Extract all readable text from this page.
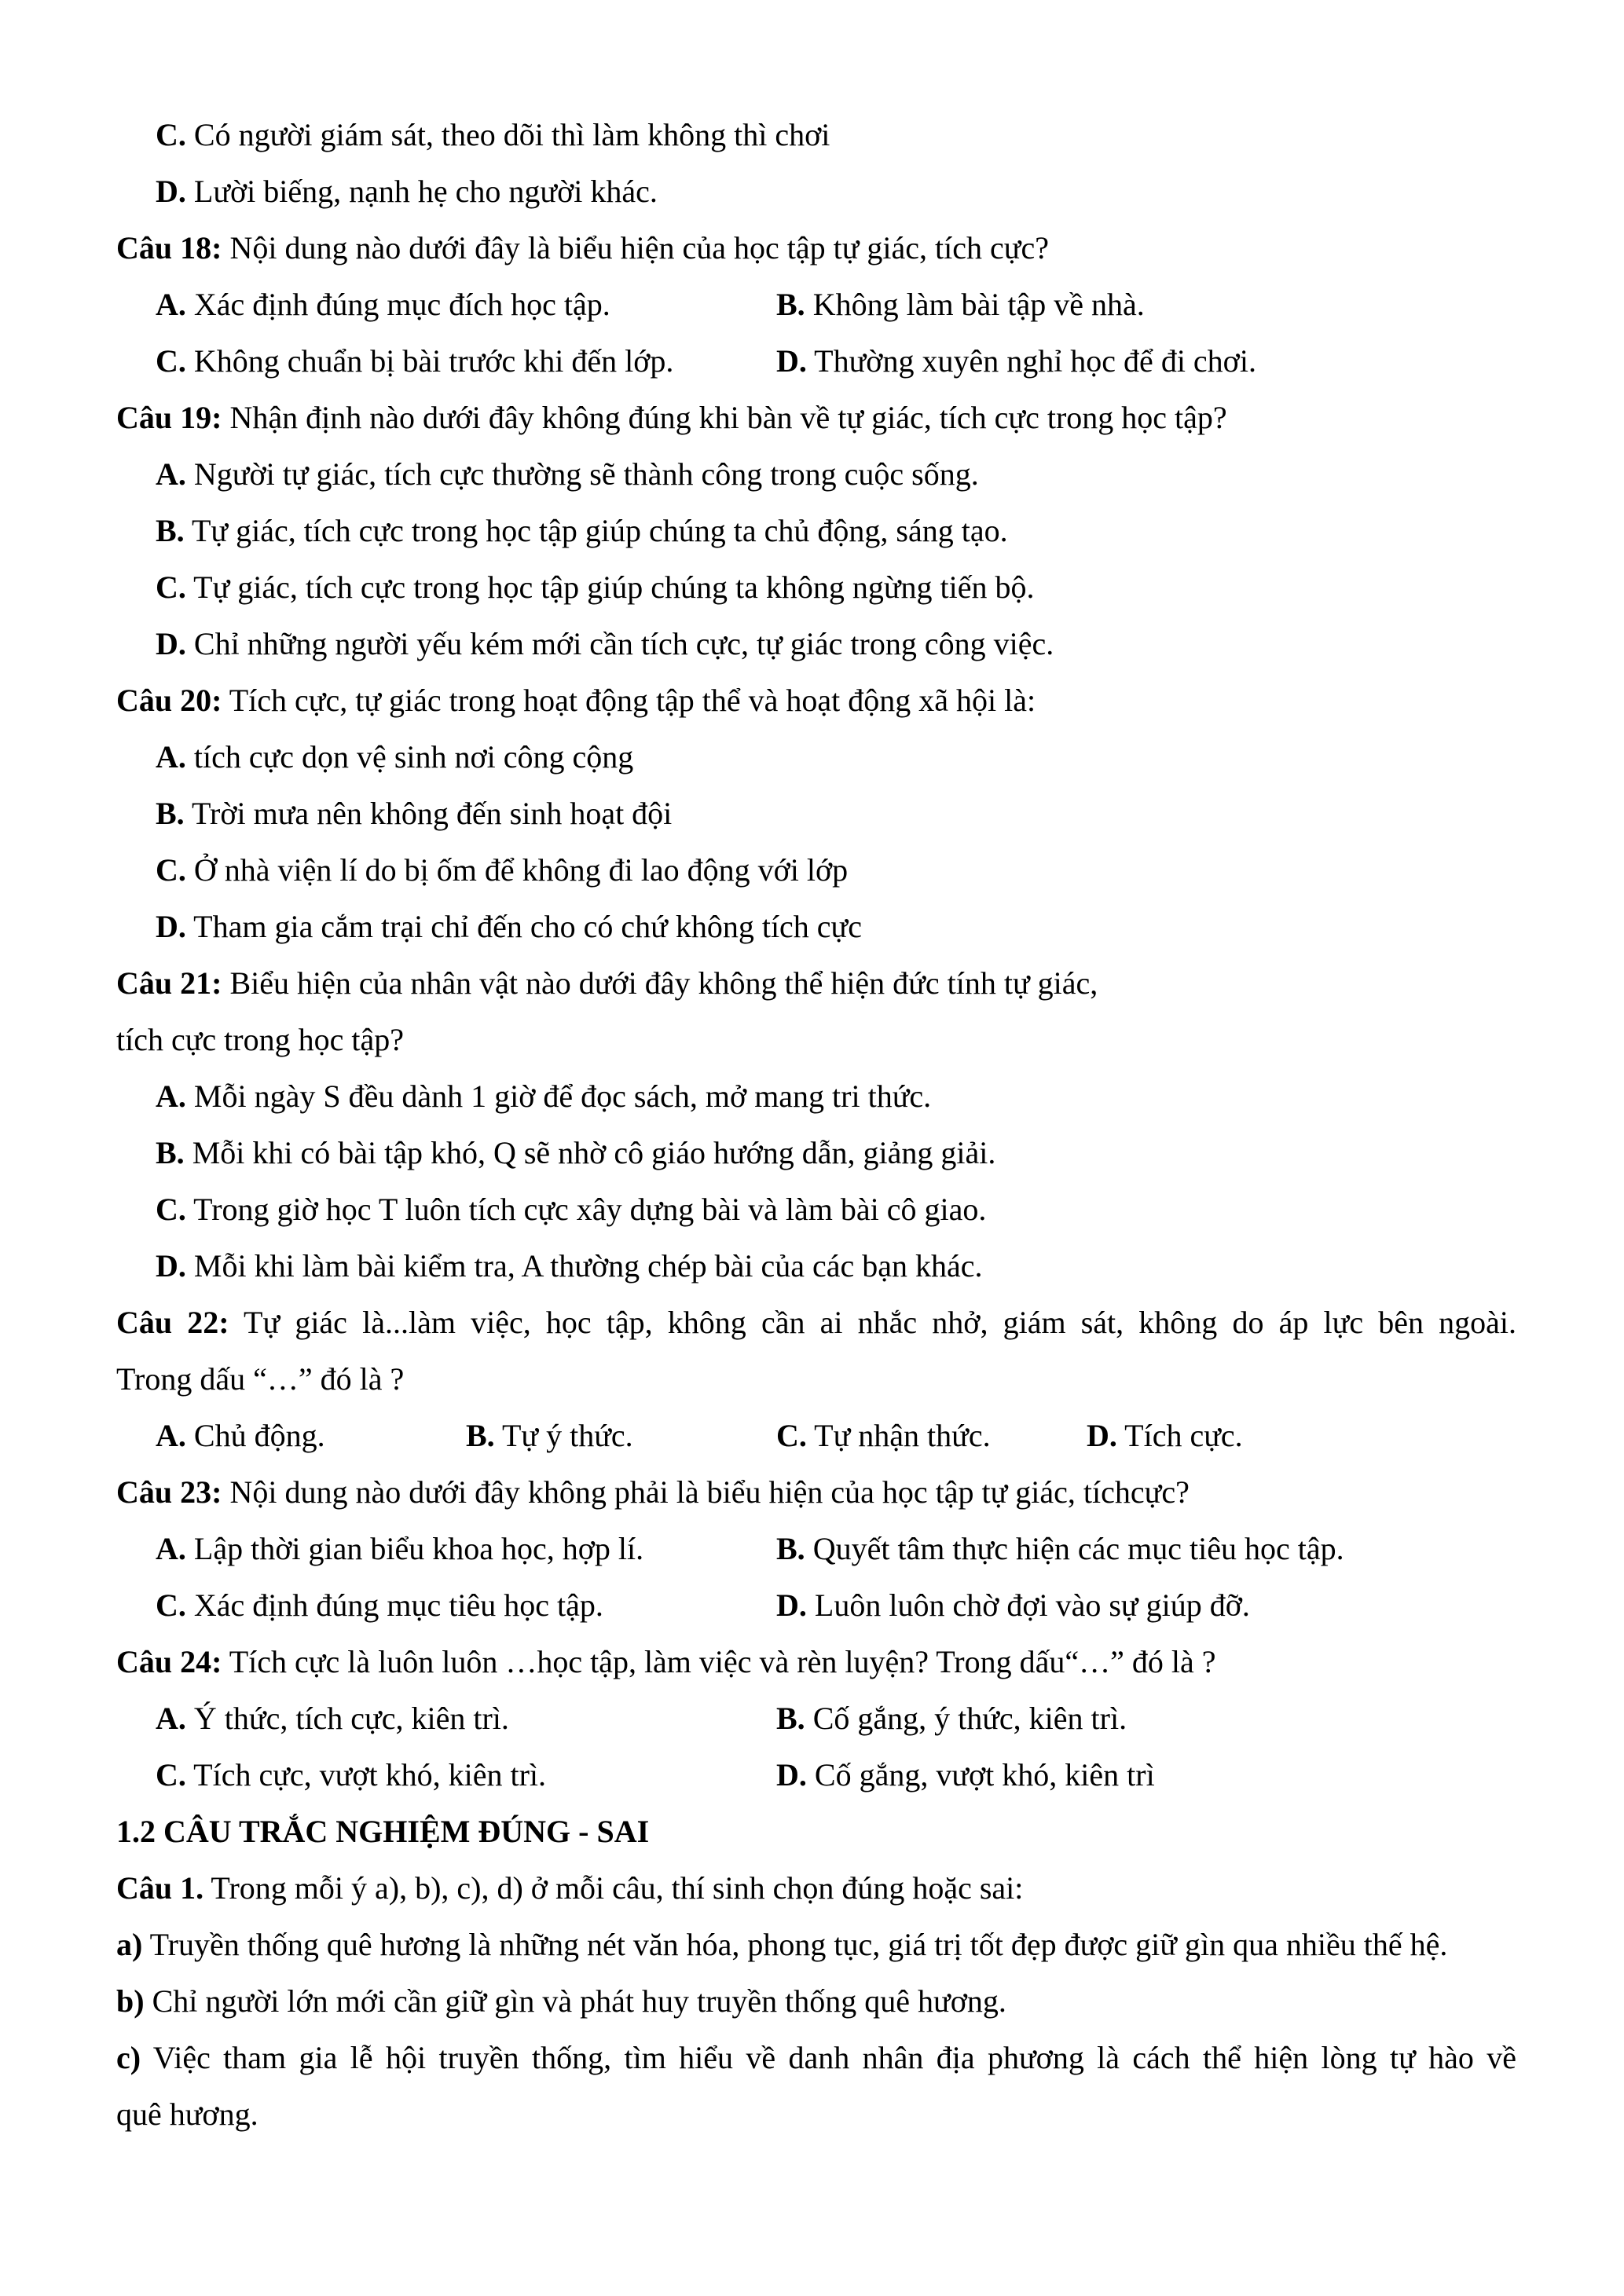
C. Có người giám sát, theo dõi thì làm không thì chơi
D. Lười biếng, nạnh hẹ cho người khác.
Câu 18: Nội dung nào dưới đây là biểu hiện của học tập tự giác, tích cực?
A. Xác định đúng mục đích học tập.	B. Không làm bài tập về nhà.
C. Không chuẩn bị bài trước khi đến lớp.	D. Thường xuyên nghỉ học để đi chơi.
Câu 19: Nhận định nào dưới đây không đúng khi bàn về tự giác, tích cực trong học tập?
A. Người tự giác, tích cực thường sẽ thành công trong cuộc sống.
B. Tự giác, tích cực trong học tập giúp chúng ta chủ động, sáng tạo.
C. Tự giác, tích cực trong học tập giúp chúng ta không ngừng tiến bộ.
D. Chỉ những người yếu kém mới cần tích cực, tự giác trong công việc.
Câu 20: Tích cực, tự giác trong hoạt động tập thể và hoạt động xã hội là:
A. tích cực dọn vệ sinh nơi công cộng
B. Trời mưa nên không đến sinh hoạt đội
C. Ở nhà viện lí do bị ốm để không đi lao động với lớp
D. Tham gia cắm trại chỉ đến cho có chứ không tích cực
Câu 21: Biểu hiện của nhân vật nào dưới đây không thể hiện đức tính tự giác,
tích cực trong học tập?
A. Mỗi ngày S đều dành 1 giờ để đọc sách, mở mang tri thức.
B. Mỗi khi có bài tập khó, Q sẽ nhờ cô giáo hướng dẫn, giảng giải.
C. Trong giờ học T luôn tích cực xây dựng bài và làm bài cô giao.
D. Mỗi khi làm bài kiểm tra, A thường chép bài của các bạn khác.
Câu 22: Tự giác là...làm việc, học tập, không cần ai nhắc nhở, giám sát, không do áp lực bên ngoài.
Trong dấu “…” đó là ?
A. Chủ động.	B. Tự ý thức.	C. Tự nhận thức.	D. Tích cực.
Câu 23: Nội dung nào dưới đây không phải là biểu hiện của học tập tự giác, tíchcực?
A. Lập thời gian biểu khoa học, hợp lí.	B. Quyết tâm thực hiện các mục tiêu học tập.
C. Xác định đúng mục tiêu học tập.	D. Luôn luôn chờ đợi vào sự giúp đỡ.
Câu 24: Tích cực là luôn luôn …học tập, làm việc và rèn luyện? Trong dấu“…” đó là ?
A. Ý thức, tích cực, kiên trì.	B. Cố gắng, ý thức, kiên trì.
C. Tích cực, vượt khó, kiên trì.	D. Cố gắng, vượt khó, kiên trì
1.2 CÂU TRẮC NGHIỆM ĐÚNG - SAI
Câu 1. Trong mỗi ý a), b), c), d) ở mỗi câu, thí sinh chọn đúng hoặc sai:
a) Truyền thống quê hương là những nét văn hóa, phong tục, giá trị tốt đẹp được giữ gìn qua nhiều thế hệ.
b) Chỉ người lớn mới cần giữ gìn và phát huy truyền thống quê hương.
c) Việc tham gia lễ hội truyền thống, tìm hiểu về danh nhân địa phương là cách thể hiện lòng tự hào về
quê hương.
